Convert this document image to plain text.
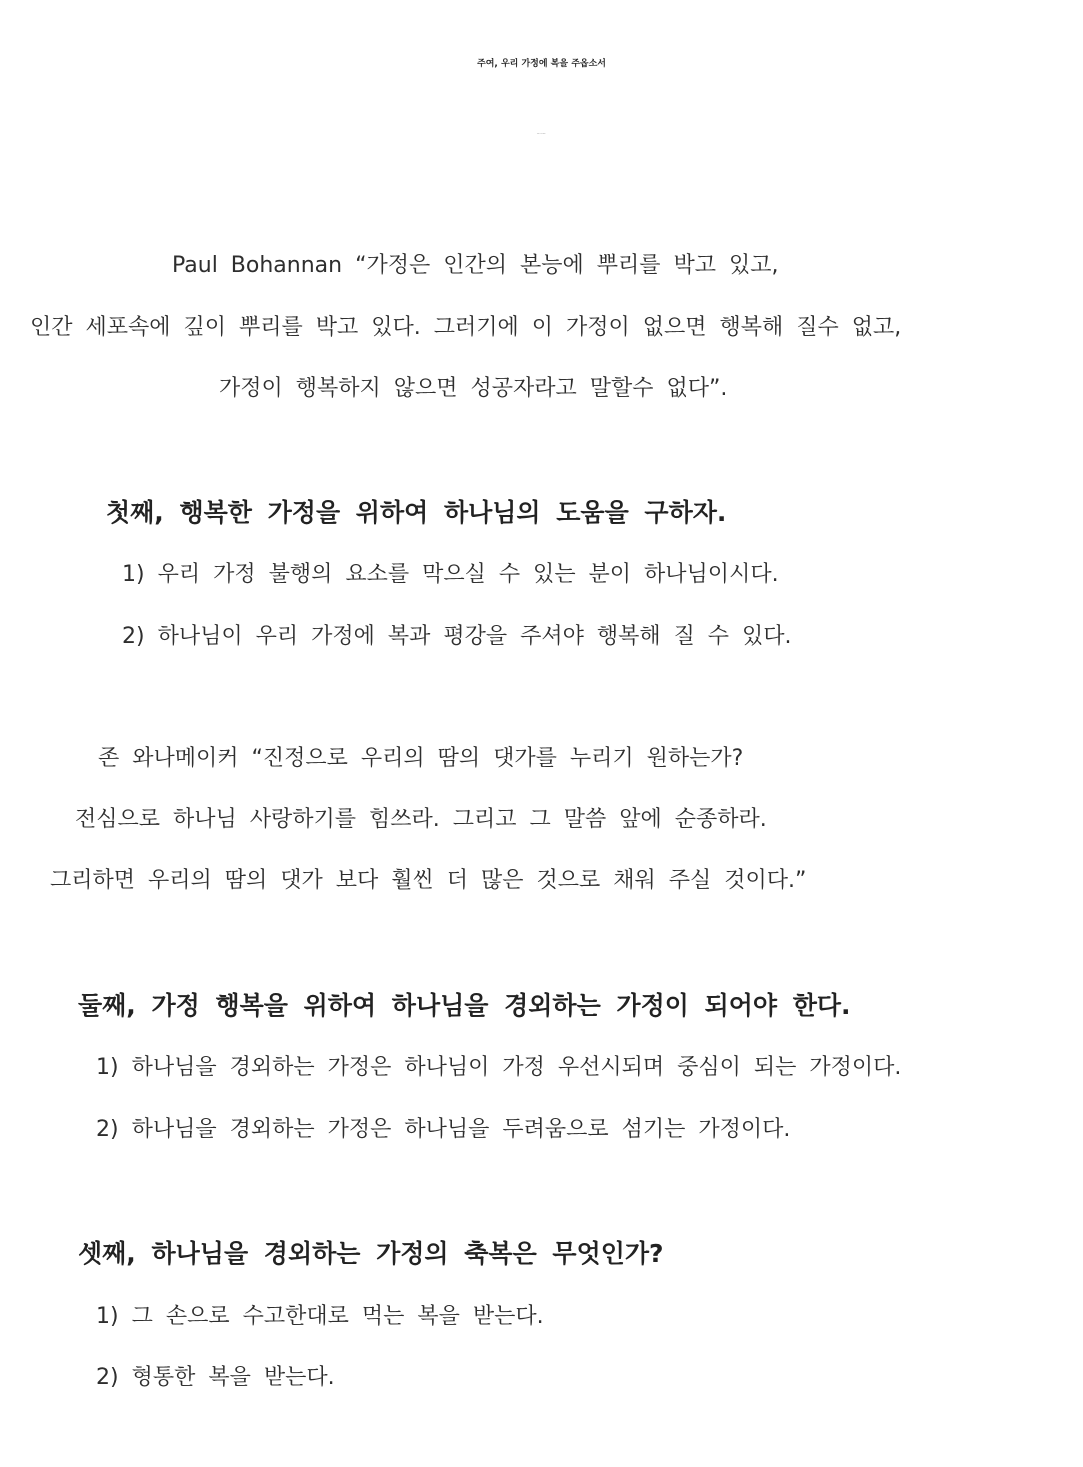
주여, 우리 가정에 복을 주옵소서
시127:1-2, 128:1-4
Paul Bohannan “가정은 인간의 본능에 뿌리를 박고 있고,
인간 세포속에 깊이 뿌리를 박고 있다. 그러기에 이 가정이 없으면 행복해 질수 없고,
가정이 행복하지 않으면 성공자라고 말할수 없다”.
첫째, 행복한 가정을 위하여 하나님의 도움을 구하자.
1) 우리 가정 불행의 요소를 막으실 수 있는 분이 하나님이시다.
2) 하나님이 우리 가정에 복과 평강을 주셔야 행복해 질 수 있다.
존 와나메이커 “진정으로 우리의 땀의 댓가를 누리기 원하는가?
전심으로 하나님 사랑하기를 힘쓰라. 그리고 그 말씀 앞에 순종하라.
그리하면 우리의 땀의 댓가 보다 훨씬 더 많은 것으로 채워 주실 것이다.”
둘째, 가정 행복을 위하여 하나님을 경외하는 가정이 되어야 한다.
1) 하나님을 경외하는 가정은 하나님이 가정 우선시되며 중심이 되는 가정이다.
2) 하나님을 경외하는 가정은 하나님을 두려움으로 섬기는 가정이다.
셋째, 하나님을 경외하는 가정의 축복은 무엇인가?
1) 그 손으로 수고한대로 먹는 복을 받는다.
2) 형통한 복을 받는다.
